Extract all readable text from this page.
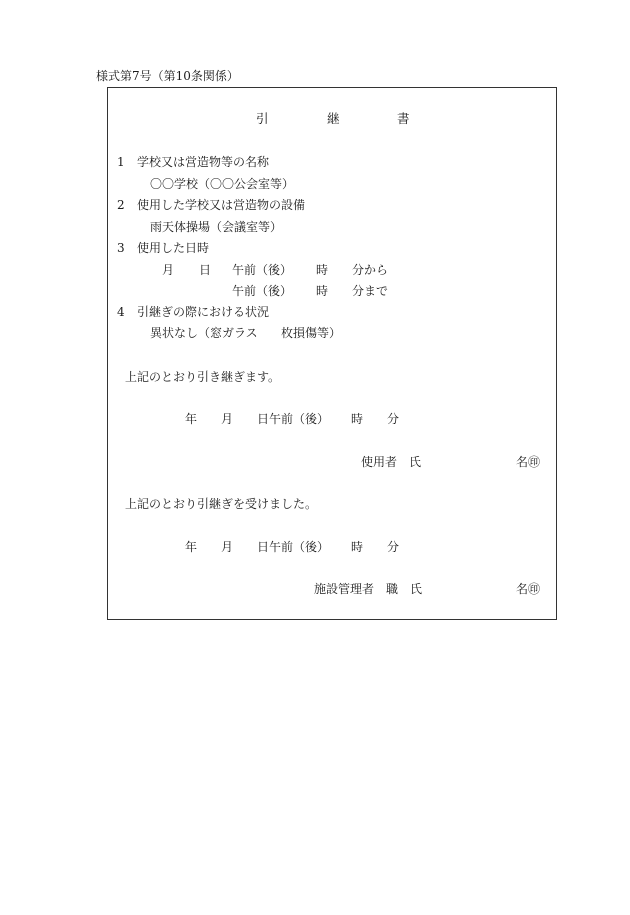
様式第7号（第10条関係）
引	継	書
1 学校又は営造物等の名称
〇〇学校（〇〇公会室等）
2 使用した学校又は営造物の設備
雨天体操場（会議室等）
3 使用した日時
月 日 午前（後） 時 分から
午前（後） 時 分まで
4 引継ぎの際における状況
異状なし（窓ガラス 枚損傷等）
上記のとおり引き継ぎます。
年 月 日午前（後） 時 分
使用者　氏	名㊞
上記のとおり引継ぎを受けました。
年 月 日午前（後） 時 分
施設管理者　職　氏	名㊞
